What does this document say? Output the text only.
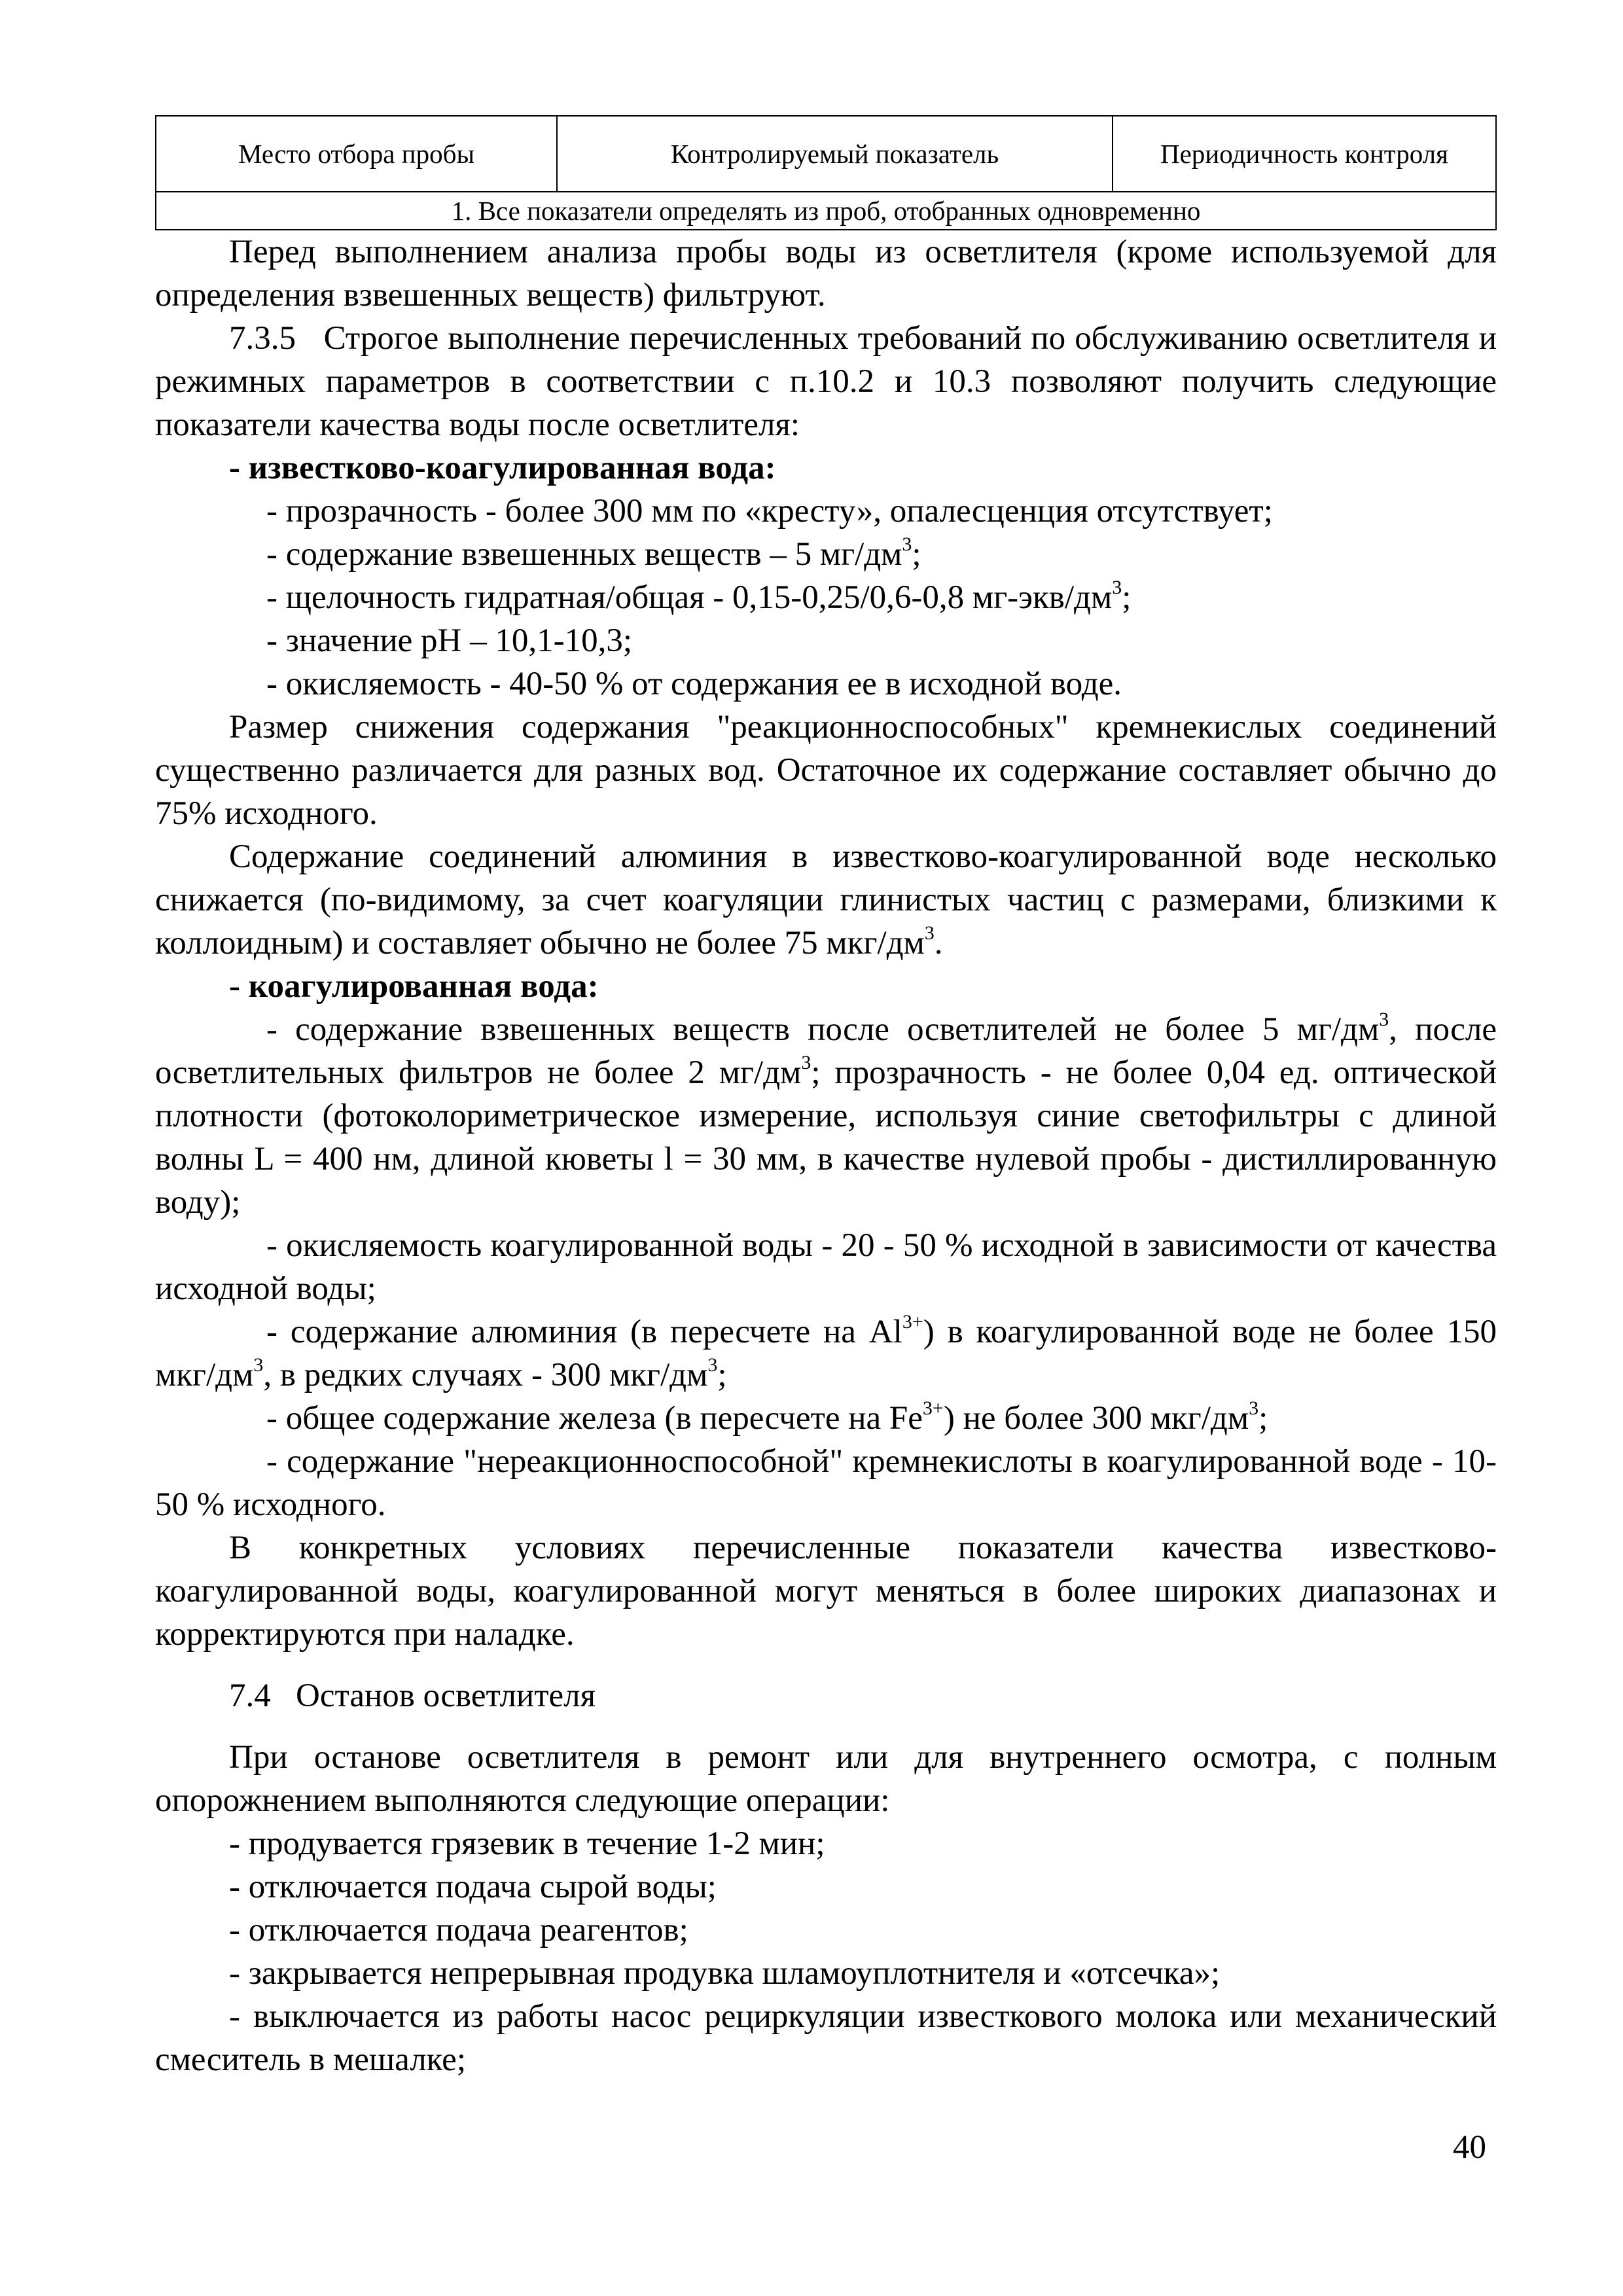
Место отбора пробы	Контролируемый показатель	Периодичность контроля
1. Все показатели определять из проб, отобранных одновременно

Перед выполнением анализа пробы воды из осветлителя (кроме используемой для определения взвешенных веществ) фильтруют.

7.3.5 Строгое выполнение перечисленных требований по обслуживанию осветлителя и режимных параметров в соответствии с п.10.2 и 10.3 позволяют получить следующие показатели качества воды после осветлителя:

- известково-коагулированная вода:

- прозрачность - более 300 мм по «кресту», опалесценция отсутствует;

- содержание взвешенных веществ – 5 $мг/дм^3$;

- щелочность гидратная/общая - 0,15-0,25/0,6-0,8 $мг-экв/дм^3$;

- значение pH – 10,1-10,3;

- окисляемость - 40-50 % от содержания ее в исходной воде.

Размер снижения содержания "реакционноспособных" кремнекислых соединений существенно различается для разных вод. Остаточное их содержание составляет обычно до 75% исходного.

Содержание соединений алюминия в известково-коагулированной воде несколько снижается (по-видимому, за счет коагуляции глинистых частиц с размерами, близкими к коллоидным) и составляет обычно не более 75 мкг/$дм^3$.

- коагулированная вода:

- содержание взвешенных веществ после осветлителей не более 5 $мг/дм^3$, после осветлительных фильтров не более 2 $мг/дм^3$; прозрачность - не более 0,04 ед. оптической плотности (фотоколориметрическое измерение, используя синие светофильтры с длиной волны L = 400 нм, длиной кюветы l = 30 мм, в качестве нулевой пробы - дистиллированную воду);

- окисляемость коагулированной воды - 20 - 50 % исходной в зависимости от качества исходной воды;

- содержание алюминия (в пересчете на $Al^{3+}$) в коагулированной воде не более 150 мкг/$дм^3$, в редких случаях - 300 мкг/$дм^3$;

- общее содержание железа (в пересчете на $Fe^{3+}$) не более 300 мкг/$дм^3$;

- содержание "нереакционноспособной" кремнекислоты в коагулированной воде - 10-50 % исходного.

В конкретных условиях перечисленные показатели качества известково-коагулированной воды, коагулированной могут меняться в более широких диапазонах и корректируются при наладке.

7.4 Останов осветлителя

При останове осветлителя в ремонт или для внутреннего осмотра, с полным опорожнением выполняются следующие операции:

- продувается грязевик в течение 1-2 мин;

- отключается подача сырой воды;

- отключается подача реагентов;

- закрывается непрерывная продувка шламоуплотнителя и «отсечка»;

- выключается из работы насос рециркуляции известкового молока или механический смеситель в мешалке;

40
